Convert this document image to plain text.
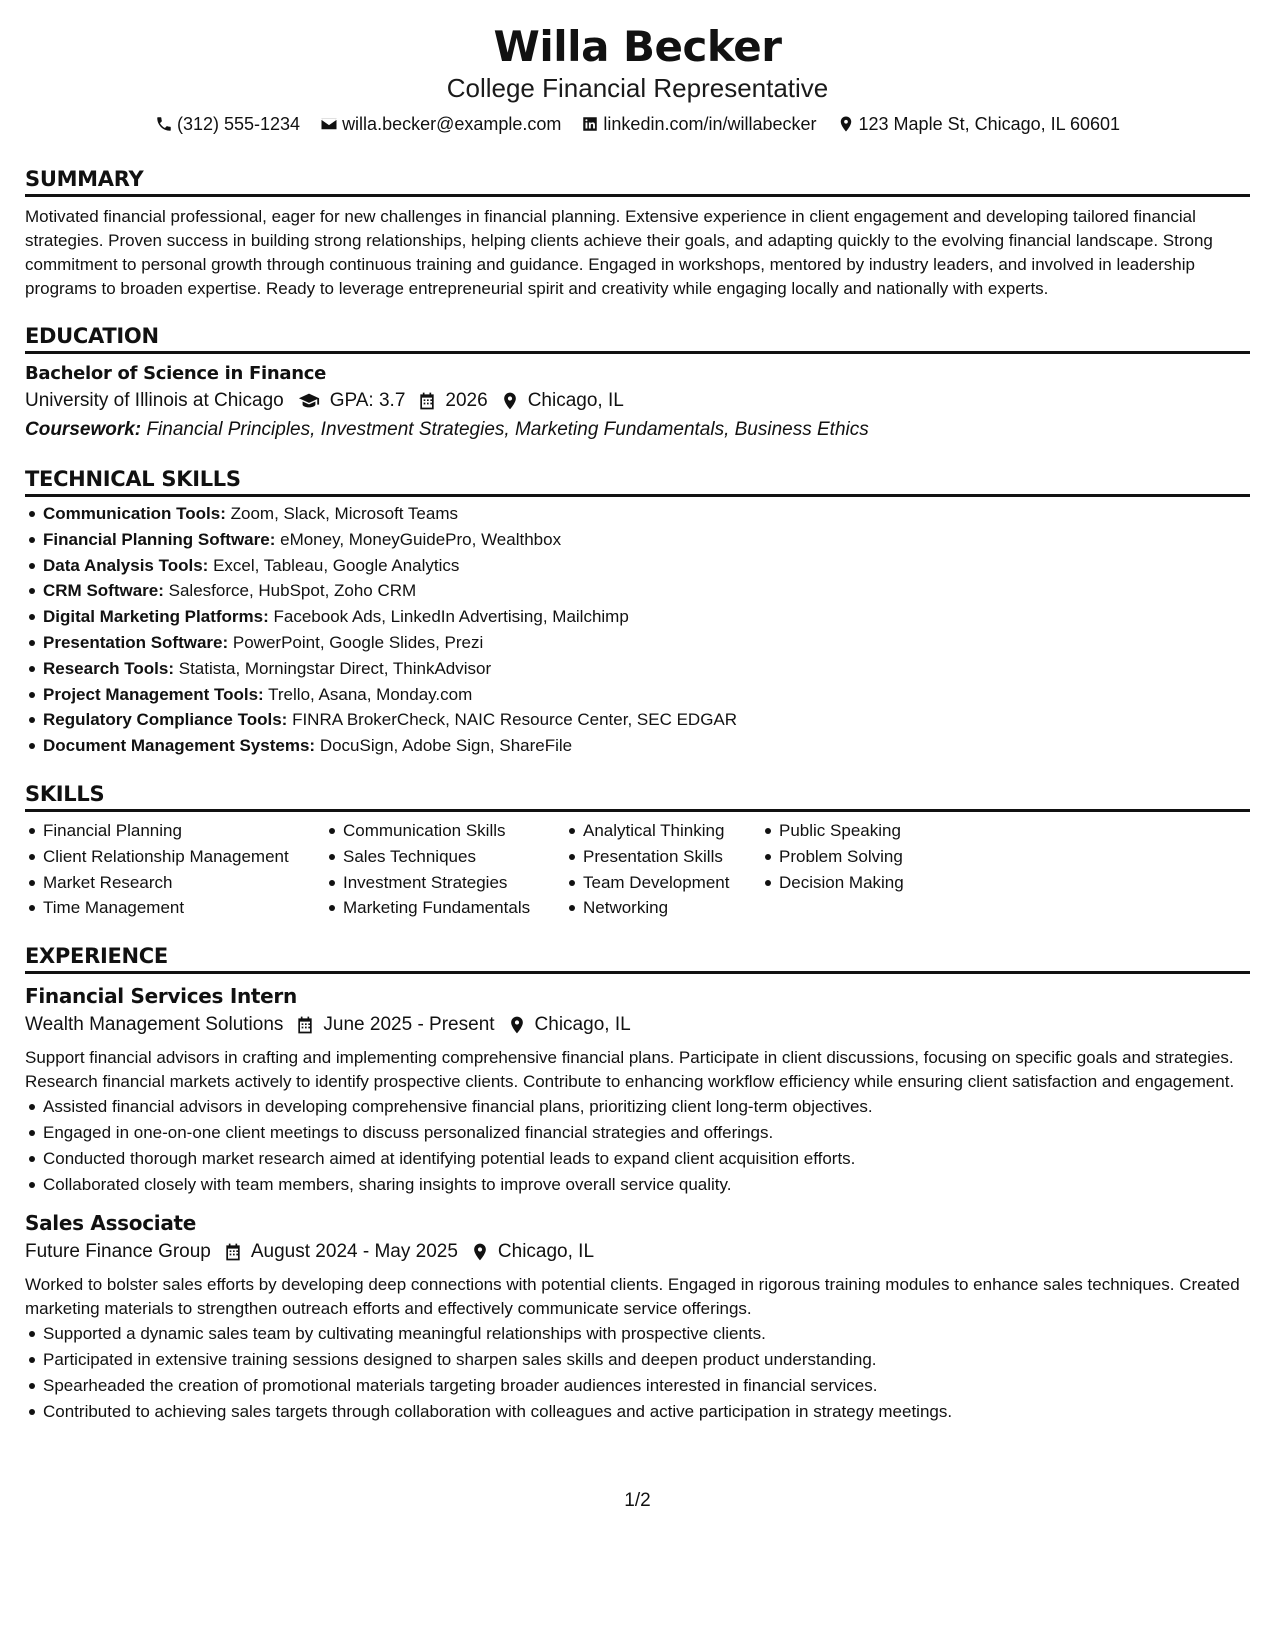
Willa Becker
College Financial Representative
(312) 555-1234 willa.becker@example.com linkedin.com/in/willabecker 123 Maple St, Chicago, IL 60601
SUMMARY

Motivated financial professional, eager for new challenges in financial planning. Extensive experience in client engagement and developing tailored financial strategies. Proven success in building strong relationships, helping clients achieve their goals, and adapting quickly to the evolving financial landscape. Strong commitment to personal growth through continuous training and guidance. Engaged in workshops, mentored by industry leaders, and involved in leadership programs to broaden expertise. Ready to leverage entrepreneurial spirit and creativity while engaging locally and nationally with experts.

EDUCATION
Bachelor of Science in Finance
University of Illinois at Chicago GPA: 3.7 2026 Chicago, IL
Coursework: Financial Principles, Investment Strategies, Marketing Fundamentals, Business Ethics
TECHNICAL SKILLS
Communication Tools: Zoom, Slack, Microsoft Teams
Financial Planning Software: eMoney, MoneyGuidePro, Wealthbox
Data Analysis Tools: Excel, Tableau, Google Analytics
CRM Software: Salesforce, HubSpot, Zoho CRM
Digital Marketing Platforms: Facebook Ads, LinkedIn Advertising, Mailchimp
Presentation Software: PowerPoint, Google Slides, Prezi
Research Tools: Statista, Morningstar Direct, ThinkAdvisor
Project Management Tools: Trello, Asana, Monday.com
Regulatory Compliance Tools: FINRA BrokerCheck, NAIC Resource Center, SEC EDGAR
Document Management Systems: DocuSign, Adobe Sign, ShareFile
SKILLS
Financial Planning
Client Relationship Management
Market Research
Time Management
Communication Skills
Sales Techniques
Investment Strategies
Marketing Fundamentals
Analytical Thinking
Presentation Skills
Team Development
Networking
Public Speaking
Problem Solving
Decision Making
EXPERIENCE
Financial Services Intern
Wealth Management Solutions June 2025 - Present Chicago, IL

Support financial advisors in crafting and implementing comprehensive financial plans. Participate in client discussions, focusing on specific goals and strategies. Research financial markets actively to identify prospective clients. Contribute to enhancing workflow efficiency while ensuring client satisfaction and engagement.

Assisted financial advisors in developing comprehensive financial plans, prioritizing client long-term objectives.
Engaged in one-on-one client meetings to discuss personalized financial strategies and offerings.
Conducted thorough market research aimed at identifying potential leads to expand client acquisition efforts.
Collaborated closely with team members, sharing insights to improve overall service quality.
Sales Associate
Future Finance Group August 2024 - May 2025 Chicago, IL

Worked to bolster sales efforts by developing deep connections with potential clients. Engaged in rigorous training modules to enhance sales techniques. Created marketing materials to strengthen outreach efforts and effectively communicate service offerings.

Supported a dynamic sales team by cultivating meaningful relationships with prospective clients.
Participated in extensive training sessions designed to sharpen sales skills and deepen product understanding.
Spearheaded the creation of promotional materials targeting broader audiences interested in financial services.
Contributed to achieving sales targets through collaboration with colleagues and active participation in strategy meetings.
1/2
